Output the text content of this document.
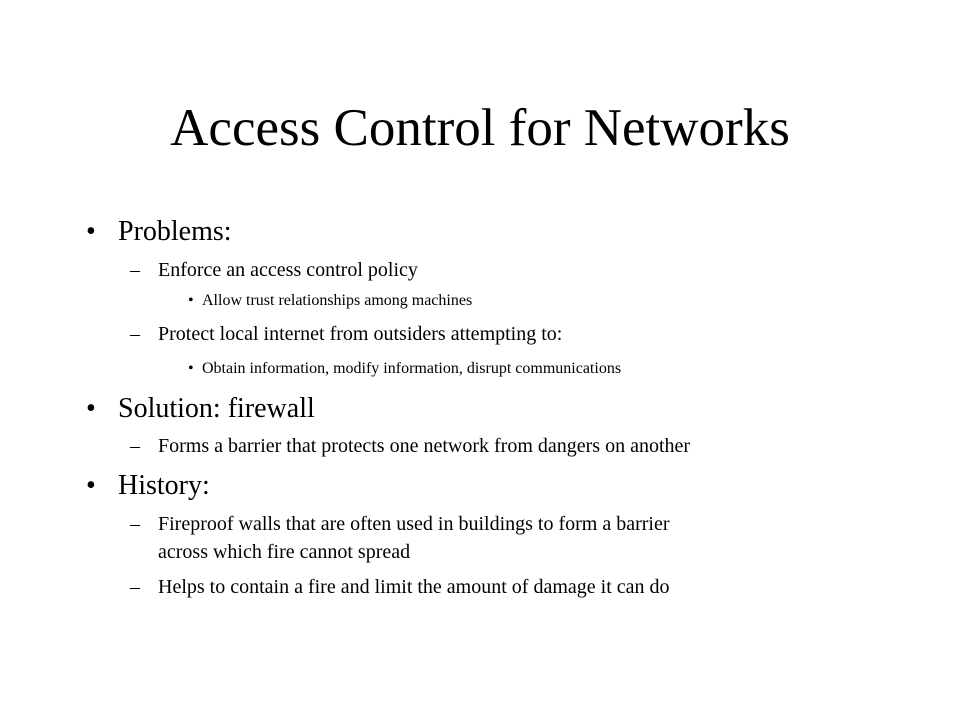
Access Control for Networks
• Problems:
– Enforce an access control policy
• Allow trust relationships among machines
– Protect local internet from outsiders attempting to:
• Obtain information, modify information, disrupt communications
• Solution: firewall
– Forms a barrier that protects one network from dangers on another
• History:
– Fireproof walls that are often used in buildings to form a barrier
across which fire cannot spread
– Helps to contain a fire and limit the amount of damage it can do
